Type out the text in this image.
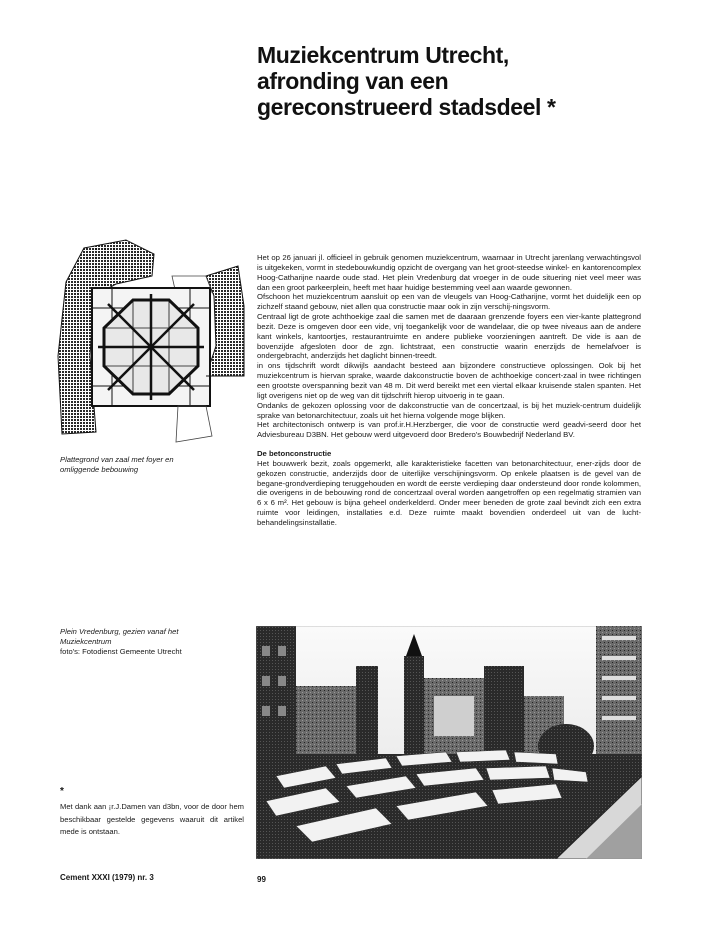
Muziekcentrum Utrecht,
afronding van een
gereconstrueerd stadsdeel *
Plattegrond van zaal met foyer en
omliggende bebouwing

Het op 26 januari jl. officieel in gebruik genomen muziekcentrum, waarnaar in Utrecht jarenlang verwachtingsvol is uitgekeken, vormt in stedebouwkundig opzicht de overgang van het groot-steedse winkel- en kantorencomplex Hoog-Catharijne naarde oude stad. Het plein Vredenburg dat vroeger in de oude situering niet veel meer was dan een groot parkeerplein, heeft met haar huidige bestemming veel aan waarde gewonnen.

Ofschoon het muziekcentrum aansluit op een van de vleugels van Hoog-Catharijne, vormt het duidelijk een op zichzelf staand gebouw, niet allen qua constructie maar ook in zijn verschij-ningsvorm.

Centraal ligt de grote achthoekige zaal die samen met de daaraan grenzende foyers een vier-kante plattegrond bezit. Deze is omgeven door een vide, vrij toegankelijk voor de wandelaar, die op twee niveaus aan de andere kant winkels, kantoortjes, restaurantruimte en andere publieke voorzieningen aantreft. De vide is aan de bovenzijde afgesloten door de zgn. lichtstraat, een constructie waarin enerzijds de hemelafvoer is ondergebracht, anderzijds het daglicht binnen-treedt.

in ons tijdschrift wordt dikwijls aandacht besteed aan bijzondere constructieve oplossingen. Ook bij het muziekcentrum is hiervan sprake, waarde dakconstructie boven de achthoekige concert-zaal in twee richtingen een grootste overspanning bezit van 48 m. Dit werd bereikt met een viertal elkaar kruisende stalen spanten. Het ligt overigens niet op de weg van dit tijdschrift hierop uitvoerig in te gaan.

Ondanks de gekozen oplossing voor de dakconstructie van de concertzaal, is bij het muziek-centrum duidelijk sprake van betonarchitectuur, zoals uit het hierna volgende moge blijken.

Het architectonisch ontwerp is van prof.ir.H.Herzberger, die voor de constructie werd geadvi-seerd door het Adviesbureau D3BN. Het gebouw werd uitgevoerd door Bredero's Bouwbedrijf Nederland BV.

De betonconstructie

Het bouwwerk bezit, zoals opgemerkt, alle karakteristieke facetten van betonarchitectuur, ener-zijds door de gekozen constructie, anderzijds door de uiterlijke verschijningsvorm. Op enkele plaatsen is de gevel van de begane-grondverdieping teruggehouden en wordt de eerste verdieping daar ondersteund door ronde kolommen, die overigens in de bebouwing rond de concertzaal overal worden aangetroffen op een regelmatig stramien van 6 x 6 m². Het gebouw is bijna geheel onderkelderd. Onder meer beneden de grote zaal bevindt zich een extra ruimte voor leidingen, installaties e.d. Deze ruimte maakt bovendien onderdeel uit van de lucht-behandelingsinstallatie.

Plein Vredenburg, gezien vanaf het
Muziekcentrum
foto's: Fotodienst Gemeente Utrecht
*
Met dank aan ¡r.J.Damen van d3bn, voor de door hem beschikbaar gestelde gegevens waaruit dit artikel mede is ontstaan.
Cement XXXI (1979) nr. 3	99
